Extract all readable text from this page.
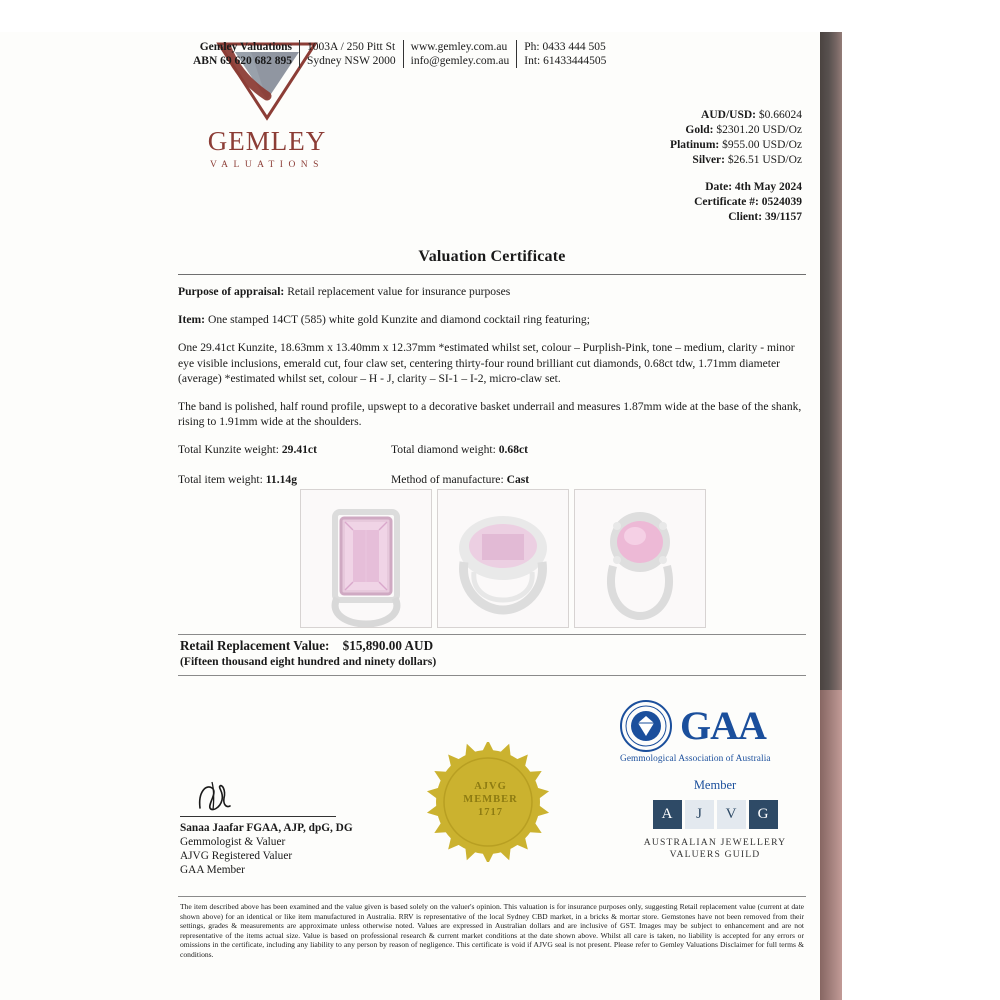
GEMLEY
VALUATIONS
Gemley Valuations	1003A / 250 Pitt St	www.gemley.com.au	Ph: 0433 444 505
ABN 69 620 682 895	Sydney NSW 2000	info@gemley.com.au	Int: 61433444505
AUD/USD: $0.66024
Gold: $2301.20 USD/Oz
Platinum: $955.00 USD/Oz
Silver: $26.51 USD/Oz
Date: 4th May 2024
Certificate #: 0524039
Client: 39/1157
Valuation Certificate

Purpose of appraisal: Retail replacement value for insurance purposes

Item: One stamped 14CT (585) white gold Kunzite and diamond cocktail ring featuring;

One 29.41ct Kunzite, 18.63mm x 13.40mm x 12.37mm *estimated whilst set, colour – Purplish-Pink, tone – medium, clarity - minor eye visible inclusions, emerald cut, four claw set, centering thirty-four round brilliant cut diamonds, 0.68ct tdw, 1.71mm diameter (average) *estimated whilst set, colour – H - J, clarity – SI-1 – I-2, micro-claw set.

The band is polished, half round profile, upswept to a decorative basket underrail and measures 1.87mm wide at the base of the shank, rising to 1.91mm wide at the shoulders.

Total Kunzite weight: 29.41ct	Total diamond weight: 0.68ct
Total item weight: 11.14g	Method of manufacture: Cast
Retail Replacement Value: $15,890.00 AUD
(Fifteen thousand eight hundred and ninety dollars)
Sanaa Jaafar FGAA, AJP, dpG, DG
Gemmologist & Valuer
AJVG Registered Valuer
GAA Member
AJVG
MEMBER
1717
GAA
Gemmological Association of Australia
Member
A	J	V	G
AUSTRALIAN JEWELLERY
VALUERS GUILD
The item described above has been examined and the value given is based solely on the valuer's opinion. This valuation is for insurance purposes only, suggesting Retail replacement value (current at date shown above) for an identical or like item manufactured in Australia. RRV is representative of the local Sydney CBD market, in a bricks & mortar store. Gemstones have not been removed from their settings, grades & measurements are approximate unless otherwise noted. Values are expressed in Australian dollars and are inclusive of GST. Images may be subject to enhancement and are not representative of the items actual size. Value is based on professional research & current market conditions at the date shown above. Whilst all care is taken, no liability is accepted for any errors or omissions in the certificate, including any liability to any person by reason of negligence. This certificate is void if AJVG seal is not present. Please refer to Gemley Valuations Disclaimer for full terms & conditions.
